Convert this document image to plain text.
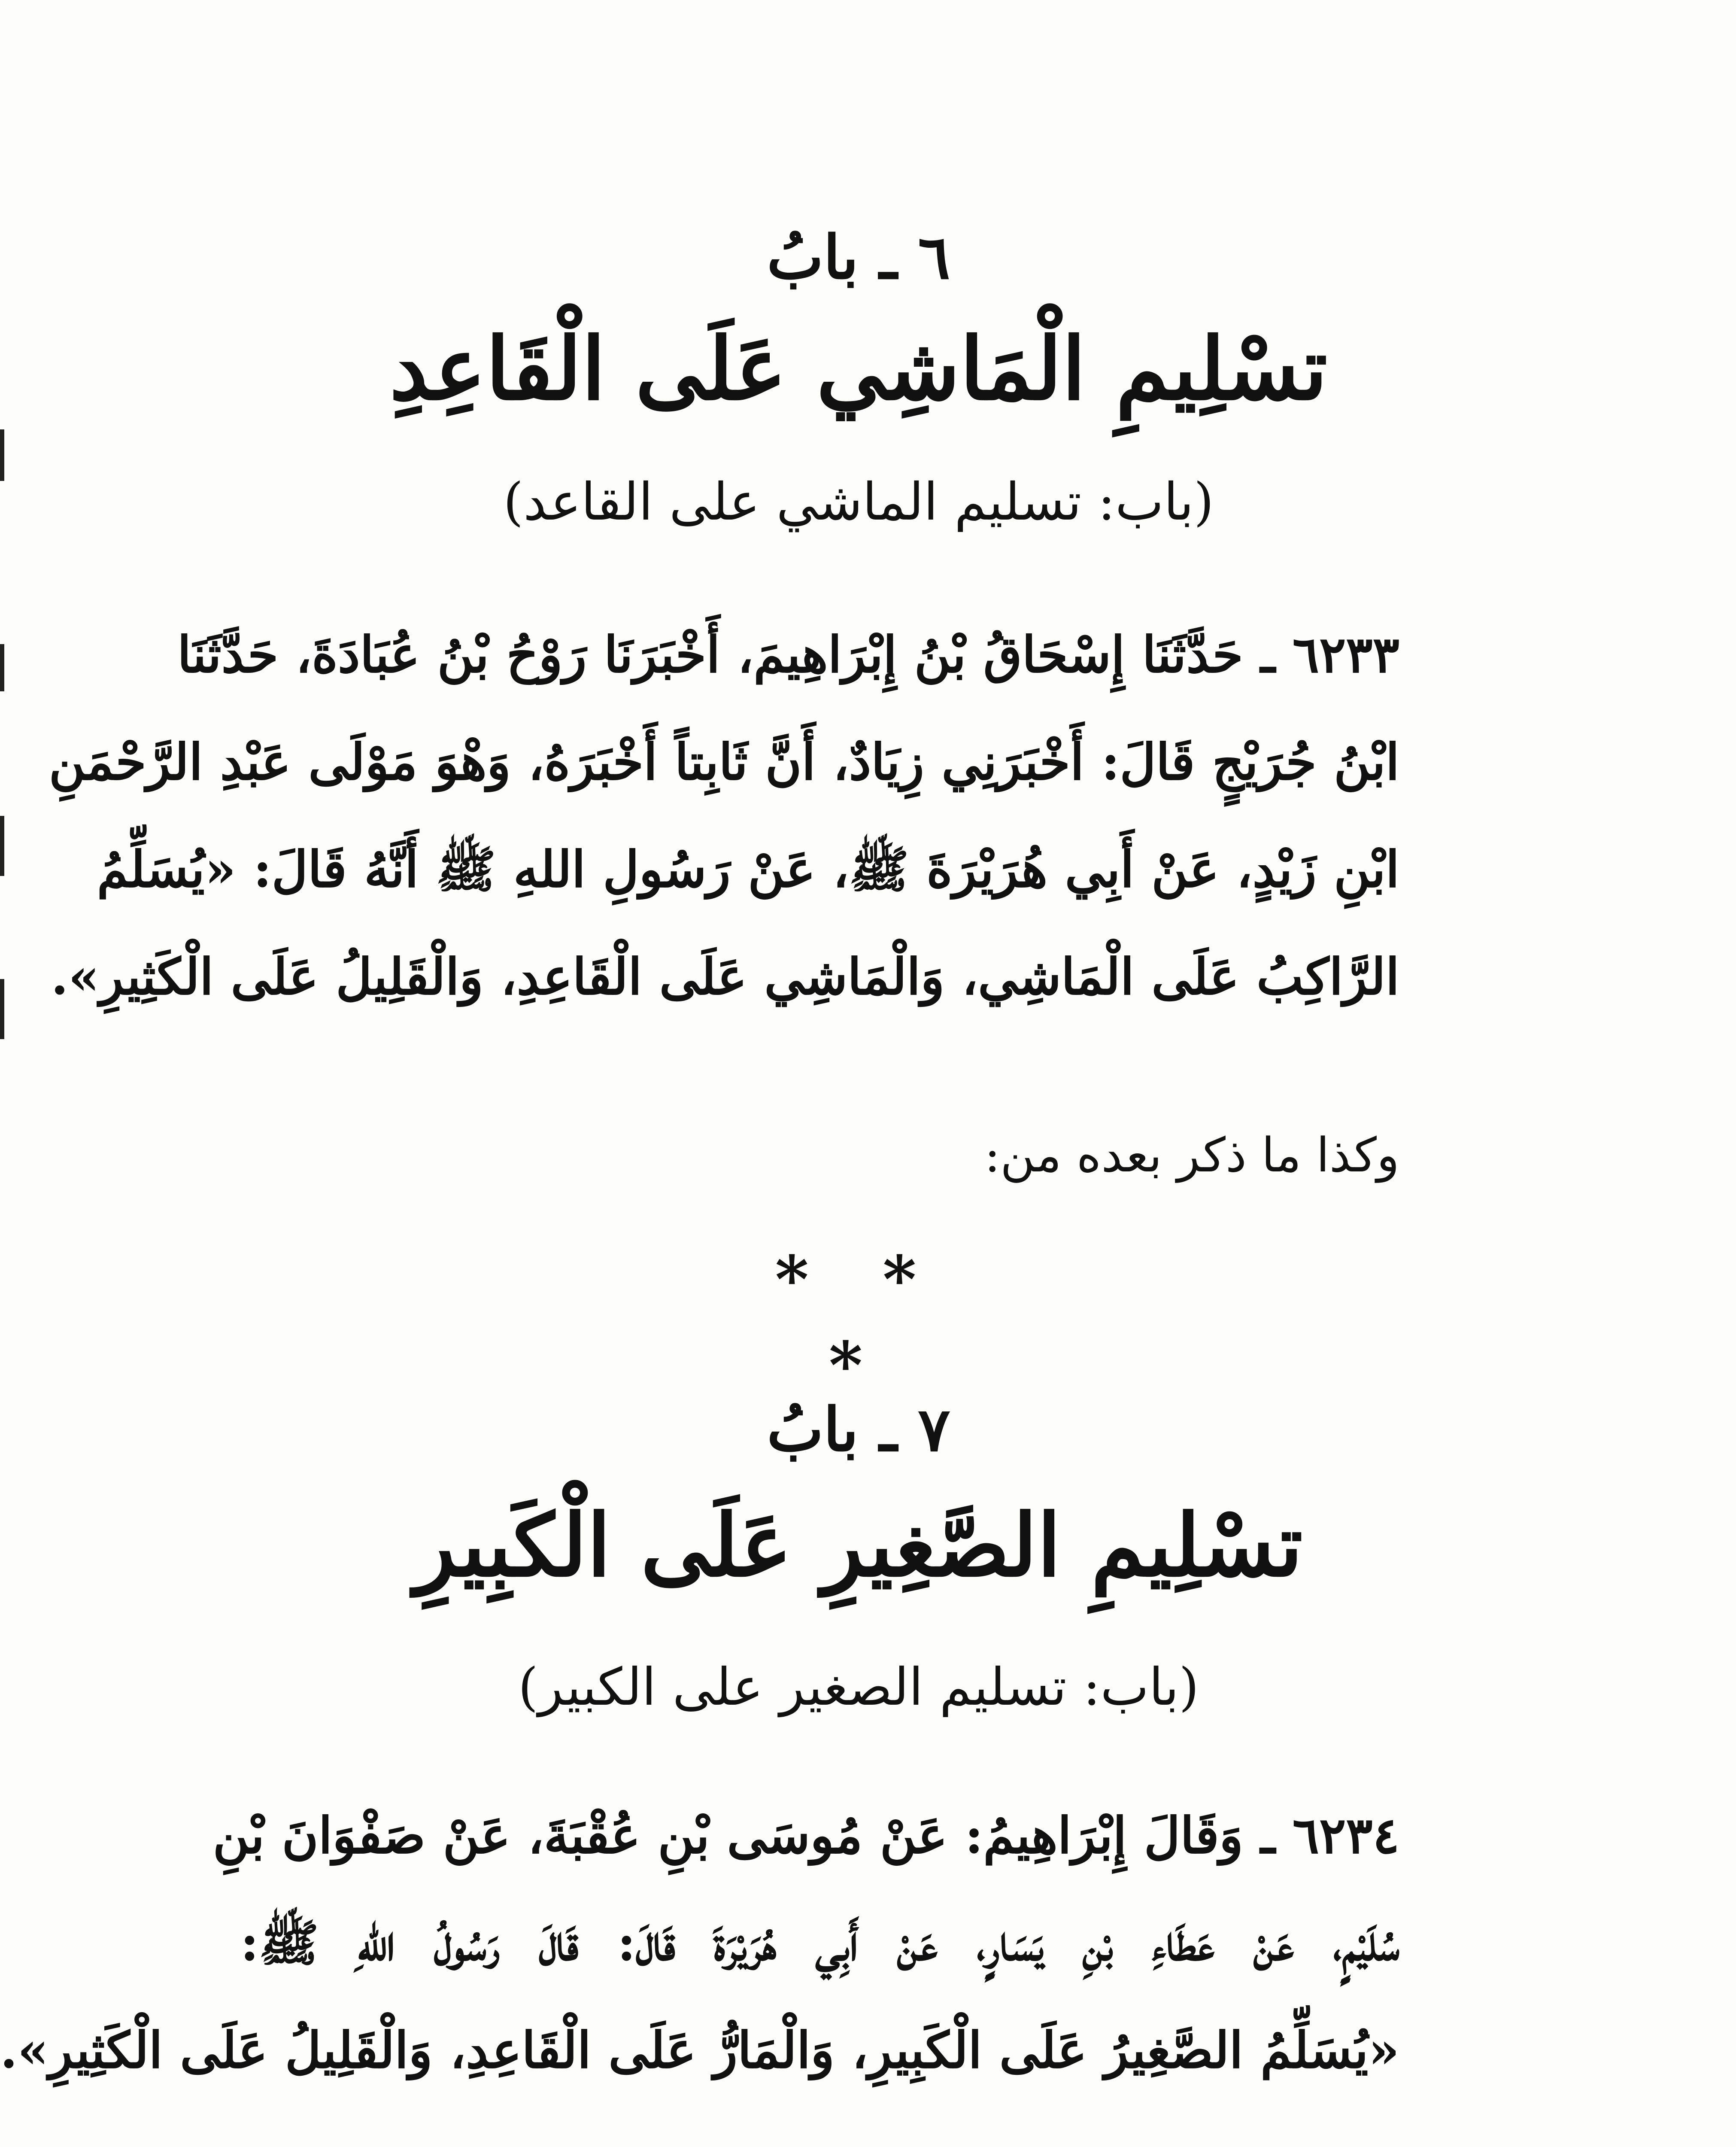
٦ ـ بابُ
تسْلِيمِ الْمَاشِي عَلَى الْقَاعِدِ
(باب: تسليم الماشي على القاعد)
٦٢٣٣ ـ حَدَّثَنَا إِسْحَاقُ بْنُ إِبْرَاهِيمَ، أَخْبَرَنَا رَوْحُ بْنُ عُبَادَةَ، حَدَّثَنَا
ابْنُ جُرَيْجٍ قَالَ: أَخْبَرَنِي زِيَادٌ، أَنَّ ثَابِتاً أَخْبَرَهُ، وَهْوَ مَوْلَى عَبْدِ الرَّحْمَنِ
ابْنِ زَيْدٍ، عَنْ أَبِي هُرَيْرَةَ ﷺ، عَنْ رَسُولِ اللهِ ﷺ أَنَّهُ قَالَ: «يُسَلِّمُ
الرَّاكِبُ عَلَى الْمَاشِي، وَالْمَاشِي عَلَى الْقَاعِدِ، وَالْقَلِيلُ عَلَى الْكَثِيرِ».
وكذا ما ذكر بعده من:
* * *
٧ ـ بابُ
تسْلِيمِ الصَّغِيرِ عَلَى الْكَبِيرِ
(باب: تسليم الصغير على الكبير)
٦٢٣٤ ـ وَقَالَ إِبْرَاهِيمُ: عَنْ مُوسَى بْنِ عُقْبَةَ، عَنْ صَفْوَانَ بْنِ
سُلَيْمٍ، عَنْ عَطَاءِ بْنِ يَسَارٍ، عَنْ أَبِي هُرَيْرَةَ قَالَ: قَالَ رَسُولُ اللهِ ﷺ:
«يُسَلِّمُ الصَّغِيرُ عَلَى الْكَبِيرِ، وَالْمَارُّ عَلَى الْقَاعِدِ، وَالْقَلِيلُ عَلَى الْكَثِيرِ».
